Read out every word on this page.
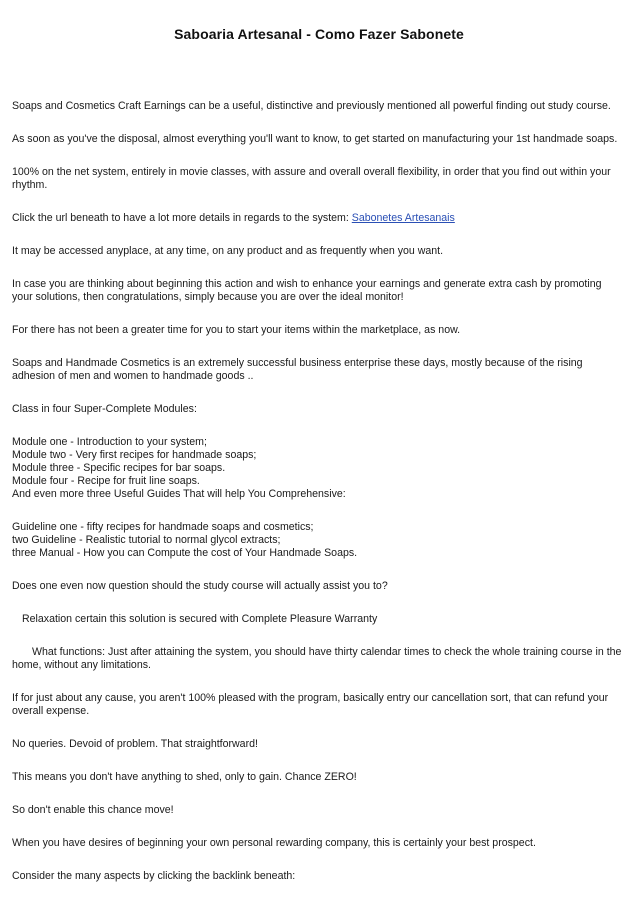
Saboaria Artesanal - Como Fazer Sabonete

Soaps and Cosmetics Craft Earnings can be a useful, distinctive and previously mentioned all powerful finding out study course.

As soon as you've the disposal, almost everything you'll want to know, to get started on manufacturing your 1st handmade soaps.

100% on the net system, entirely in movie classes, with assure and overall overall flexibility, in order that you find out within your rhythm.

Click the url beneath to have a lot more details in regards to the system: Sabonetes Artesanais

It may be accessed anyplace, at any time, on any product and as frequently when you want.

In case you are thinking about beginning this action and wish to enhance your earnings and generate extra cash by promoting your solutions, then congratulations, simply because you are over the ideal monitor!

For there has not been a greater time for you to start your items within the marketplace, as now.

Soaps and Handmade Cosmetics is an extremely successful business enterprise these days, mostly because of the rising adhesion of men and women to handmade goods ..

Class in four Super-Complete Modules:

Module one - Introduction to your system;
Module two - Very first recipes for handmade soaps;
Module three - Specific recipes for bar soaps.
Module four - Recipe for fruit line soaps.
And even more three Useful Guides That will help You Comprehensive:

Guideline one - fifty recipes for handmade soaps and cosmetics;
two Guideline - Realistic tutorial to normal glycol extracts;
three Manual - How you can Compute the cost of Your Handmade Soaps.

Does one even now question should the study course will actually assist you to?

Relaxation certain this solution is secured with Complete Pleasure Warranty

What functions: Just after attaining the system, you should have thirty calendar times to check the whole training course in the home, without any limitations.

If for just about any cause, you aren't 100% pleased with the program, basically entry our cancellation sort, that can refund your overall expense.

No queries. Devoid of problem. That straightforward!

This means you don't have anything to shed, only to gain. Chance ZERO!

So don't enable this chance move!

When you have desires of beginning your own personal rewarding company, this is certainly your best prospect.

Consider the many aspects by clicking the backlink beneath:
